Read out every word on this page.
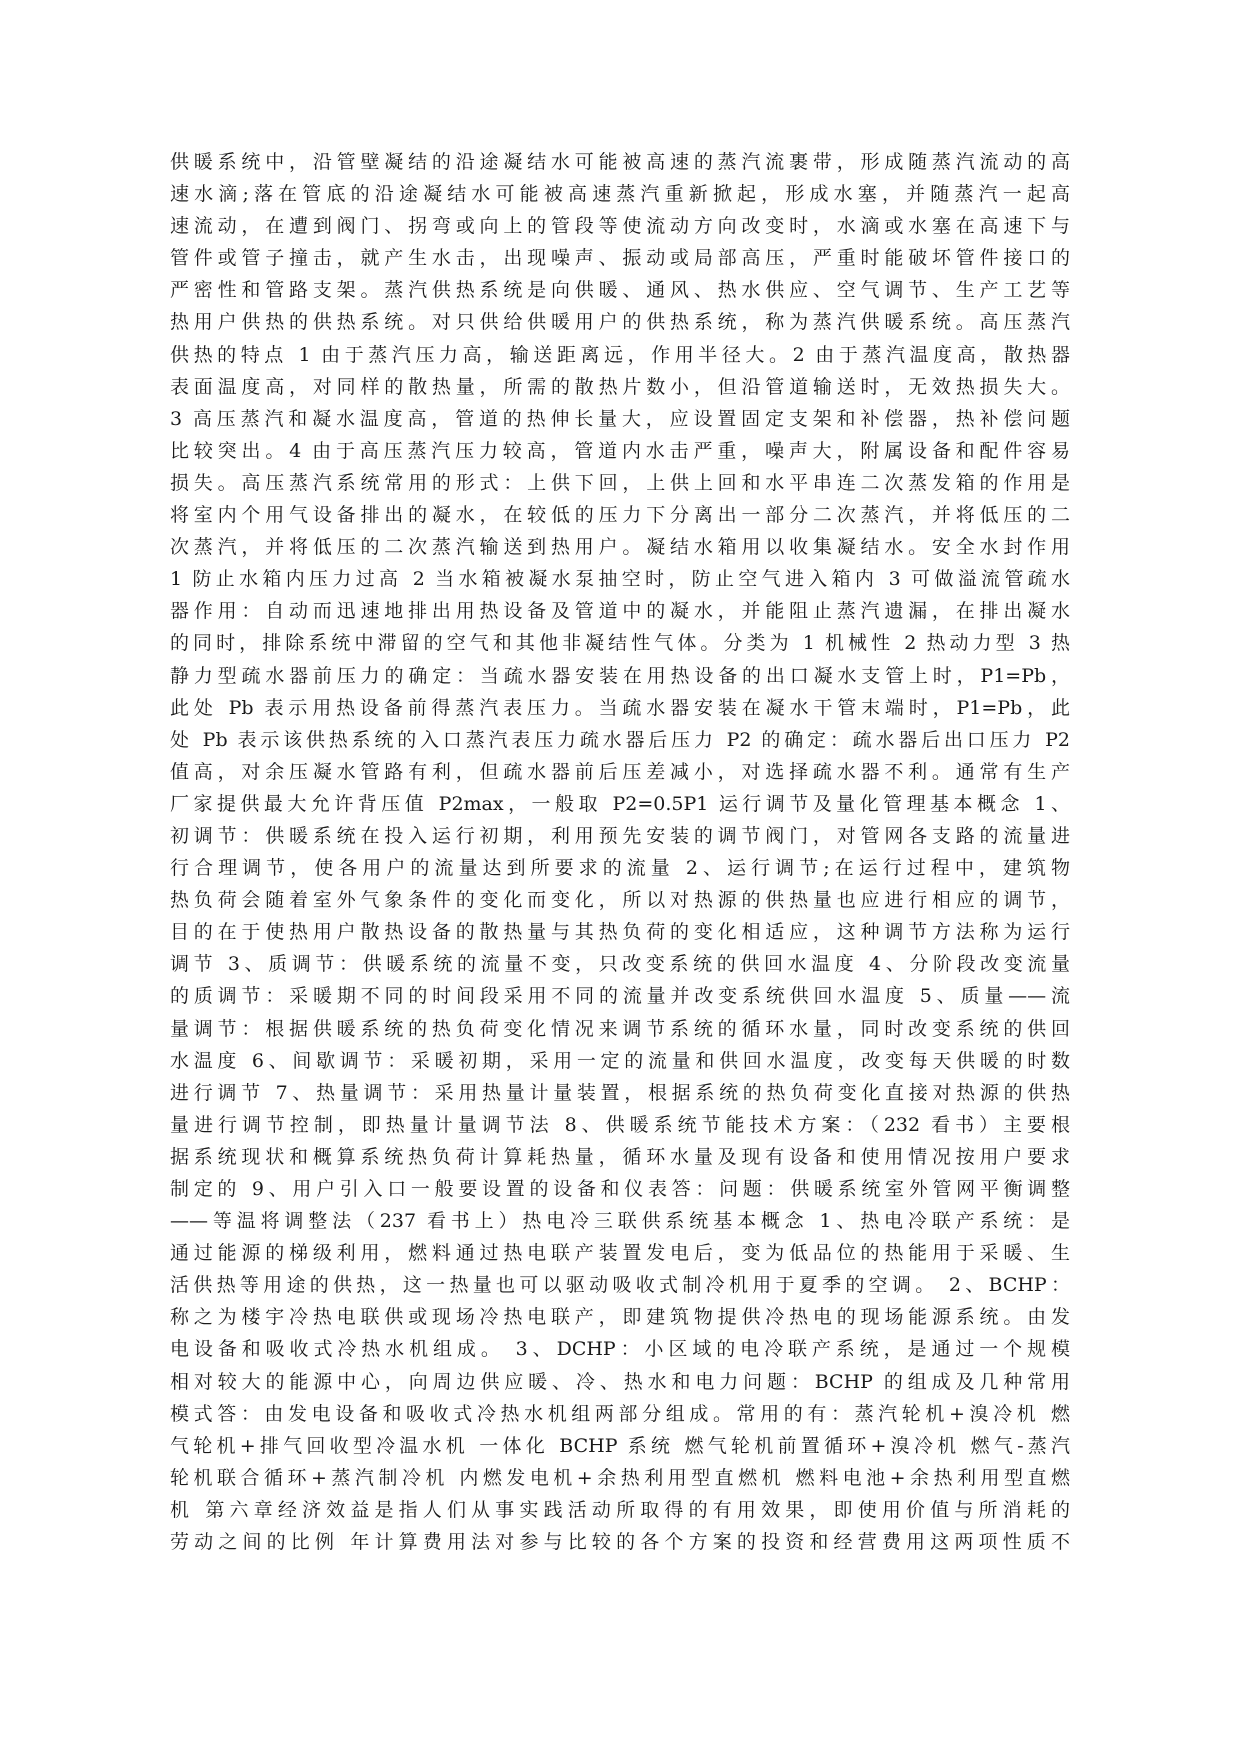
供暖系统中，沿管壁凝结的沿途凝结水可能被高速的蒸汽流裹带，形成随蒸汽流动的高
速水滴;落在管底的沿途凝结水可能被高速蒸汽重新掀起，形成水塞，并随蒸汽一起高
速流动，在遭到阀门、拐弯或向上的管段等使流动方向改变时，水滴或水塞在高速下与
管件或管子撞击，就产生水击，出现噪声、振动或局部高压，严重时能破坏管件接口的
严密性和管路支架。蒸汽供热系统是向供暖、通风、热水供应、空气调节、生产工艺等
热用户供热的供热系统。对只供给供暖用户的供热系统，称为蒸汽供暖系统。高压蒸汽
供热的特点 1 由于蒸汽压力高，输送距离远，作用半径大。2 由于蒸汽温度高，散热器
表面温度高，对同样的散热量，所需的散热片数小，但沿管道输送时，无效热损失大。
3 高压蒸汽和凝水温度高，管道的热伸长量大，应设置固定支架和补偿器，热补偿问题
比较突出。4 由于高压蒸汽压力较高，管道内水击严重，噪声大，附属设备和配件容易
损失。高压蒸汽系统常用的形式：上供下回，上供上回和水平串连二次蒸发箱的作用是
将室内个用气设备排出的凝水，在较低的压力下分离出一部分二次蒸汽，并将低压的二
次蒸汽，并将低压的二次蒸汽输送到热用户。凝结水箱用以收集凝结水。安全水封作用
1 防止水箱内压力过高 2 当水箱被凝水泵抽空时，防止空气进入箱内 3 可做溢流管疏水
器作用：自动而迅速地排出用热设备及管道中的凝水，并能阻止蒸汽遗漏，在排出凝水
的同时，排除系统中滞留的空气和其他非凝结性气体。分类为 1 机械性 2 热动力型 3 热
静力型疏水器前压力的确定：当疏水器安装在用热设备的出口凝水支管上时，P1=Pb，
此处 Pb 表示用热设备前得蒸汽表压力。当疏水器安装在凝水干管末端时，P1=Pb，此
处 Pb 表示该供热系统的入口蒸汽表压力疏水器后压力 P2 的确定：疏水器后出口压力 P2
值高，对余压凝水管路有利，但疏水器前后压差减小，对选择疏水器不利。通常有生产
厂家提供最大允许背压值 P2max，一般取 P2=0.5P1 运行调节及量化管理基本概念 1、
初调节：供暖系统在投入运行初期，利用预先安装的调节阀门，对管网各支路的流量进
行合理调节，使各用户的流量达到所要求的流量 2、运行调节;在运行过程中，建筑物
热负荷会随着室外气象条件的变化而变化，所以对热源的供热量也应进行相应的调节，
目的在于使热用户散热设备的散热量与其热负荷的变化相适应，这种调节方法称为运行
调节 3、质调节：供暖系统的流量不变，只改变系统的供回水温度 4、分阶段改变流量
的质调节：采暖期不同的时间段采用不同的流量并改变系统供回水温度 5、质量——流
量调节：根据供暖系统的热负荷变化情况来调节系统的循环水量，同时改变系统的供回
水温度 6、间歇调节：采暖初期，采用一定的流量和供回水温度，改变每天供暖的时数
进行调节 7、热量调节：采用热量计量装置，根据系统的热负荷变化直接对热源的供热
量进行调节控制，即热量计量调节法 8、供暖系统节能技术方案：（232 看书）主要根
据系统现状和概算系统热负荷计算耗热量，循环水量及现有设备和使用情况按用户要求
制定的 9、用户引入口一般要设置的设备和仪表答：问题：供暖系统室外管网平衡调整
——等温将调整法（237 看书上）热电冷三联供系统基本概念 1、热电冷联产系统：是
通过能源的梯级利用，燃料通过热电联产装置发电后，变为低品位的热能用于采暖、生
活供热等用途的供热，这一热量也可以驱动吸收式制冷机用于夏季的空调。 2、BCHP：
称之为楼宇冷热电联供或现场冷热电联产，即建筑物提供冷热电的现场能源系统。由发
电设备和吸收式冷热水机组成。 3、DCHP：小区域的电冷联产系统，是通过一个规模
相对较大的能源中心，向周边供应暖、冷、热水和电力问题：BCHP 的组成及几种常用
模式答：由发电设备和吸收式冷热水机组两部分组成。常用的有：蒸汽轮机+溴冷机 燃
气轮机+排气回收型冷温水机 一体化 BCHP 系统 燃气轮机前置循环+溴冷机 燃气-蒸汽
轮机联合循环+蒸汽制冷机 内燃发电机+余热利用型直燃机 燃料电池+余热利用型直燃
机 第六章经济效益是指人们从事实践活动所取得的有用效果，即使用价值与所消耗的
劳动之间的比例 年计算费用法对参与比较的各个方案的投资和经营费用这两项性质不
